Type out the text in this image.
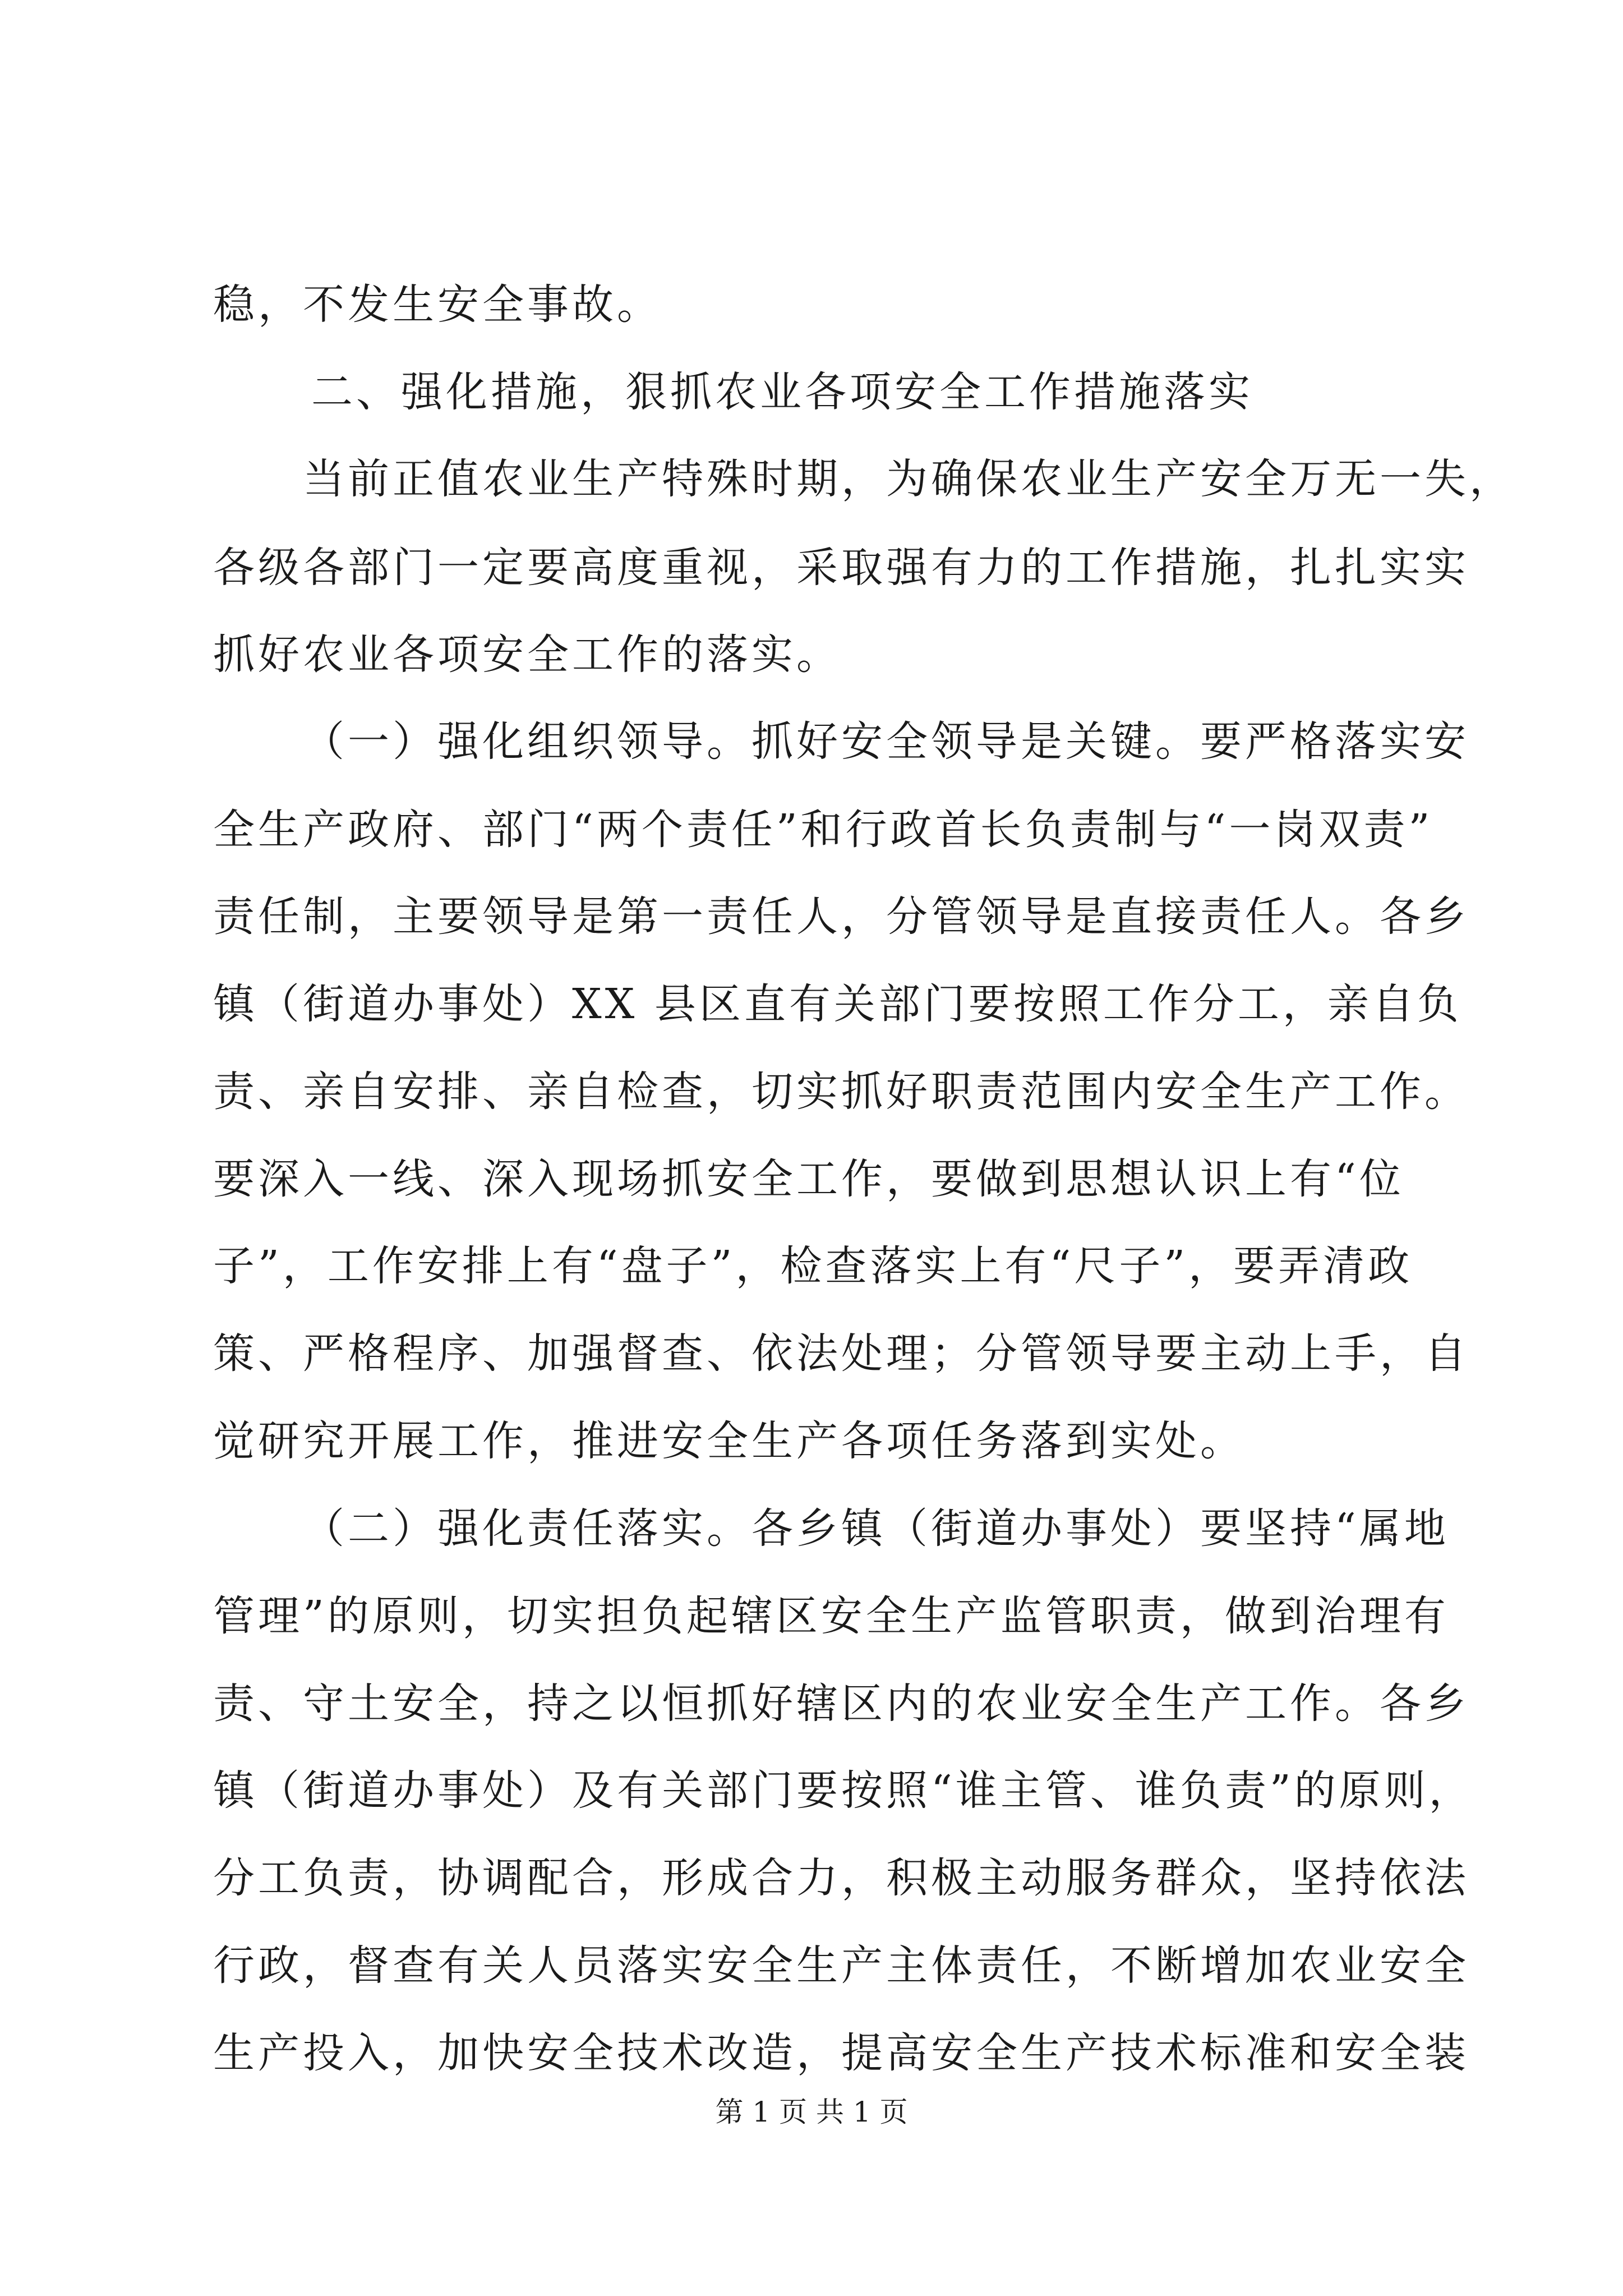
稳，不发生安全事故。
二、强化措施，狠抓农业各项安全工作措施落实
当前正值农业生产特殊时期，为确保农业生产安全万无一失，
各级各部门一定要高度重视，采取强有力的工作措施，扎扎实实
抓好农业各项安全工作的落实。
（一）强化组织领导。抓好安全领导是关键。要严格落实安
全生产政府、部门“两个责任”和行政首长负责制与“一岗双责”
责任制，主要领导是第一责任人，分管领导是直接责任人。各乡
镇（街道办事处）XX 县区直有关部门要按照工作分工，亲自负
责、亲自安排、亲自检查，切实抓好职责范围内安全生产工作。
要深入一线、深入现场抓安全工作，要做到思想认识上有“位
子”，工作安排上有“盘子”，检查落实上有“尺子”，要弄清政
策、严格程序、加强督查、依法处理；分管领导要主动上手，自
觉研究开展工作，推进安全生产各项任务落到实处。
（二）强化责任落实。各乡镇（街道办事处）要坚持“属地
管理”的原则，切实担负起辖区安全生产监管职责，做到治理有
责、守土安全，持之以恒抓好辖区内的农业安全生产工作。各乡
镇（街道办事处）及有关部门要按照“谁主管、谁负责”的原则，
分工负责，协调配合，形成合力，积极主动服务群众，坚持依法
行政，督查有关人员落实安全生产主体责任，不断增加农业安全
生产投入，加快安全技术改造，提高安全生产技术标准和安全装
第 1 页 共 1 页
